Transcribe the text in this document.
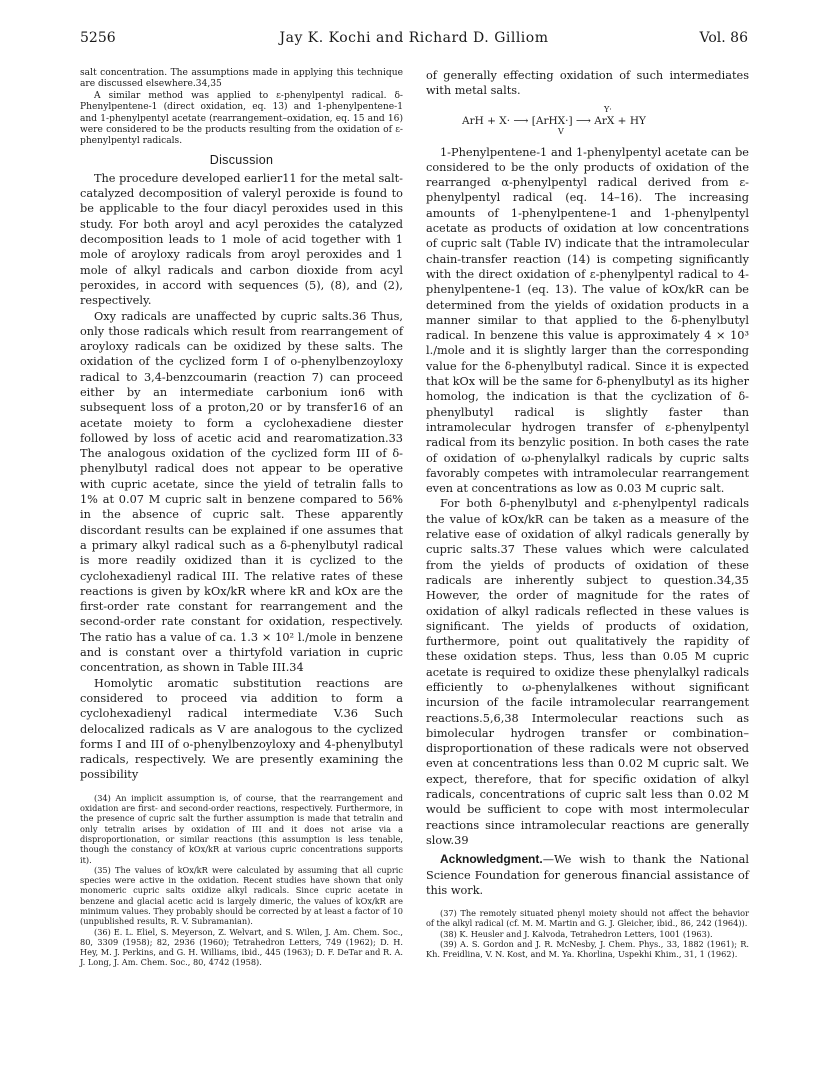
5256	Jay K. Kochi and Richard D. Gilliom	Vol. 86

salt concentration. The assumptions made in applying this technique are discussed elsewhere.34,35

A similar method was applied to ε-phenylpentyl radical. δ-Phenylpentene-1 (direct oxidation, eq. 13) and 1-phenylpentene-1 and 1-phenylpentyl acetate (rearrangement–oxidation, eq. 15 and 16) were considered to be the products resulting from the oxidation of ε-phenylpentyl radicals.

Discussion

The procedure developed earlier11 for the metal salt-catalyzed decomposition of valeryl peroxide is found to be applicable to the four diacyl peroxides used in this study. For both aroyl and acyl peroxides the catalyzed decomposition leads to 1 mole of acid together with 1 mole of aroyloxy radicals from aroyl peroxides and 1 mole of alkyl radicals and carbon dioxide from acyl peroxides, in accord with sequences (5), (8), and (2), respectively.

Oxy radicals are unaffected by cupric salts.36 Thus, only those radicals which result from rearrangement of aroyloxy radicals can be oxidized by these salts. The oxidation of the cyclized form I of o-phenylbenzoyloxy radical to 3,4-benzcoumarin (reaction 7) can proceed either by an intermediate carbonium ion6 with subsequent loss of a proton,20 or by transfer16 of an acetate moiety to form a cyclohexadiene diester followed by loss of acetic acid and rearomatization.33 The analogous oxidation of the cyclized form III of δ-phenylbutyl radical does not appear to be operative with cupric acetate, since the yield of tetralin falls to 1% at 0.07 M cupric salt in benzene compared to 56% in the absence of cupric salt. These apparently discordant results can be explained if one assumes that a primary alkyl radical such as a δ-phenylbutyl radical is more readily oxidized than it is cyclized to the cyclohexadienyl radical III. The relative rates of these reactions is given by kOx/kR where kR and kOx are the first-order rate constant for rearrangement and the second-order rate constant for oxidation, respectively. The ratio has a value of ca. 1.3 × 10² l./mole in benzene and is constant over a thirtyfold variation in cupric concentration, as shown in Table III.34

Homolytic aromatic substitution reactions are considered to proceed via addition to form a cyclohexadienyl radical intermediate V.36 Such delocalized radicals as V are analogous to the cyclized forms I and III of o-phenylbenzoyloxy and 4-phenylbutyl radicals, respectively. We are presently examining the possibility

(34) An implicit assumption is, of course, that the rearrangement and oxidation are first- and second-order reactions, respectively. Furthermore, in the presence of cupric salt the further assumption is made that tetralin and only tetralin arises by oxidation of III and it does not arise via a disproportionation, or similar reactions (this assumption is less tenable, though the constancy of kOx/kR at various cupric concentrations supports it).

(35) The values of kOx/kR were calculated by assuming that all cupric species were active in the oxidation. Recent studies have shown that only monomeric cupric salts oxidize alkyl radicals. Since cupric acetate in benzene and glacial acetic acid is largely dimeric, the values of kOx/kR are minimum values. They probably should be corrected by at least a factor of 10 (unpublished results, R. V. Subramanian).

(36) E. L. Eliel, S. Meyerson, Z. Welvart, and S. Wilen, J. Am. Chem. Soc., 80, 3309 (1958); 82, 2936 (1960); Tetrahedron Letters, 749 (1962); D. H. Hey, M. J. Perkins, and G. H. Williams, ibid., 445 (1963); D. F. DeTar and R. A. J. Long, J. Am. Chem. Soc., 80, 4742 (1958).

of generally effecting oxidation of such intermediates with metal salts.

Y·
ArH + X· ⟶ [ArHX·] ⟶ ArX + HY
V

1-Phenylpentene-1 and 1-phenylpentyl acetate can be considered to be the only products of oxidation of the rearranged α-phenylpentyl radical derived from ε-phenylpentyl radical (eq. 14–16). The increasing amounts of 1-phenylpentene-1 and 1-phenylpentyl acetate as products of oxidation at low concentrations of cupric salt (Table IV) indicate that the intramolecular chain-transfer reaction (14) is competing significantly with the direct oxidation of ε-phenylpentyl radical to 4-phenylpentene-1 (eq. 13). The value of kOx/kR can be determined from the yields of oxidation products in a manner similar to that applied to the δ-phenylbutyl radical. In benzene this value is approximately 4 × 10³ l./mole and it is slightly larger than the corresponding value for the δ-phenylbutyl radical. Since it is expected that kOx will be the same for δ-phenylbutyl as its higher homolog, the indication is that the cyclization of δ-phenylbutyl radical is slightly faster than intramolecular hydrogen transfer of ε-phenylpentyl radical from its benzylic position. In both cases the rate of oxidation of ω-phenylalkyl radicals by cupric salts favorably competes with intramolecular rearrangement even at concentrations as low as 0.03 M cupric salt.

For both δ-phenylbutyl and ε-phenylpentyl radicals the value of kOx/kR can be taken as a measure of the relative ease of oxidation of alkyl radicals generally by cupric salts.37 These values which were calculated from the yields of products of oxidation of these radicals are inherently subject to question.34,35 However, the order of magnitude for the rates of oxidation of alkyl radicals reflected in these values is significant. The yields of products of oxidation, furthermore, point out qualitatively the rapidity of these oxidation steps. Thus, less than 0.05 M cupric acetate is required to oxidize these phenylalkyl radicals efficiently to ω-phenylalkenes without significant incursion of the facile intramolecular rearrangement reactions.5,6,38 Intermolecular reactions such as bimolecular hydrogen transfer or combination–disproportionation of these radicals were not observed even at concentrations less than 0.02 M cupric salt. We expect, therefore, that for specific oxidation of alkyl radicals, concentrations of cupric salt less than 0.02 M would be sufficient to cope with most intermolecular reactions since intramolecular reactions are generally slow.39

Acknowledgment.—We wish to thank the National Science Foundation for generous financial assistance of this work.

(37) The remotely situated phenyl moiety should not affect the behavior of the alkyl radical (cf. M. M. Martin and G. J. Gleicher, ibid., 86, 242 (1964)).

(38) K. Heusler and J. Kalvoda, Tetrahedron Letters, 1001 (1963).

(39) A. S. Gordon and J. R. McNesby, J. Chem. Phys., 33, 1882 (1961); R. Kh. Freidlina, V. N. Kost, and M. Ya. Khorlina, Uspekhi Khim., 31, 1 (1962).
